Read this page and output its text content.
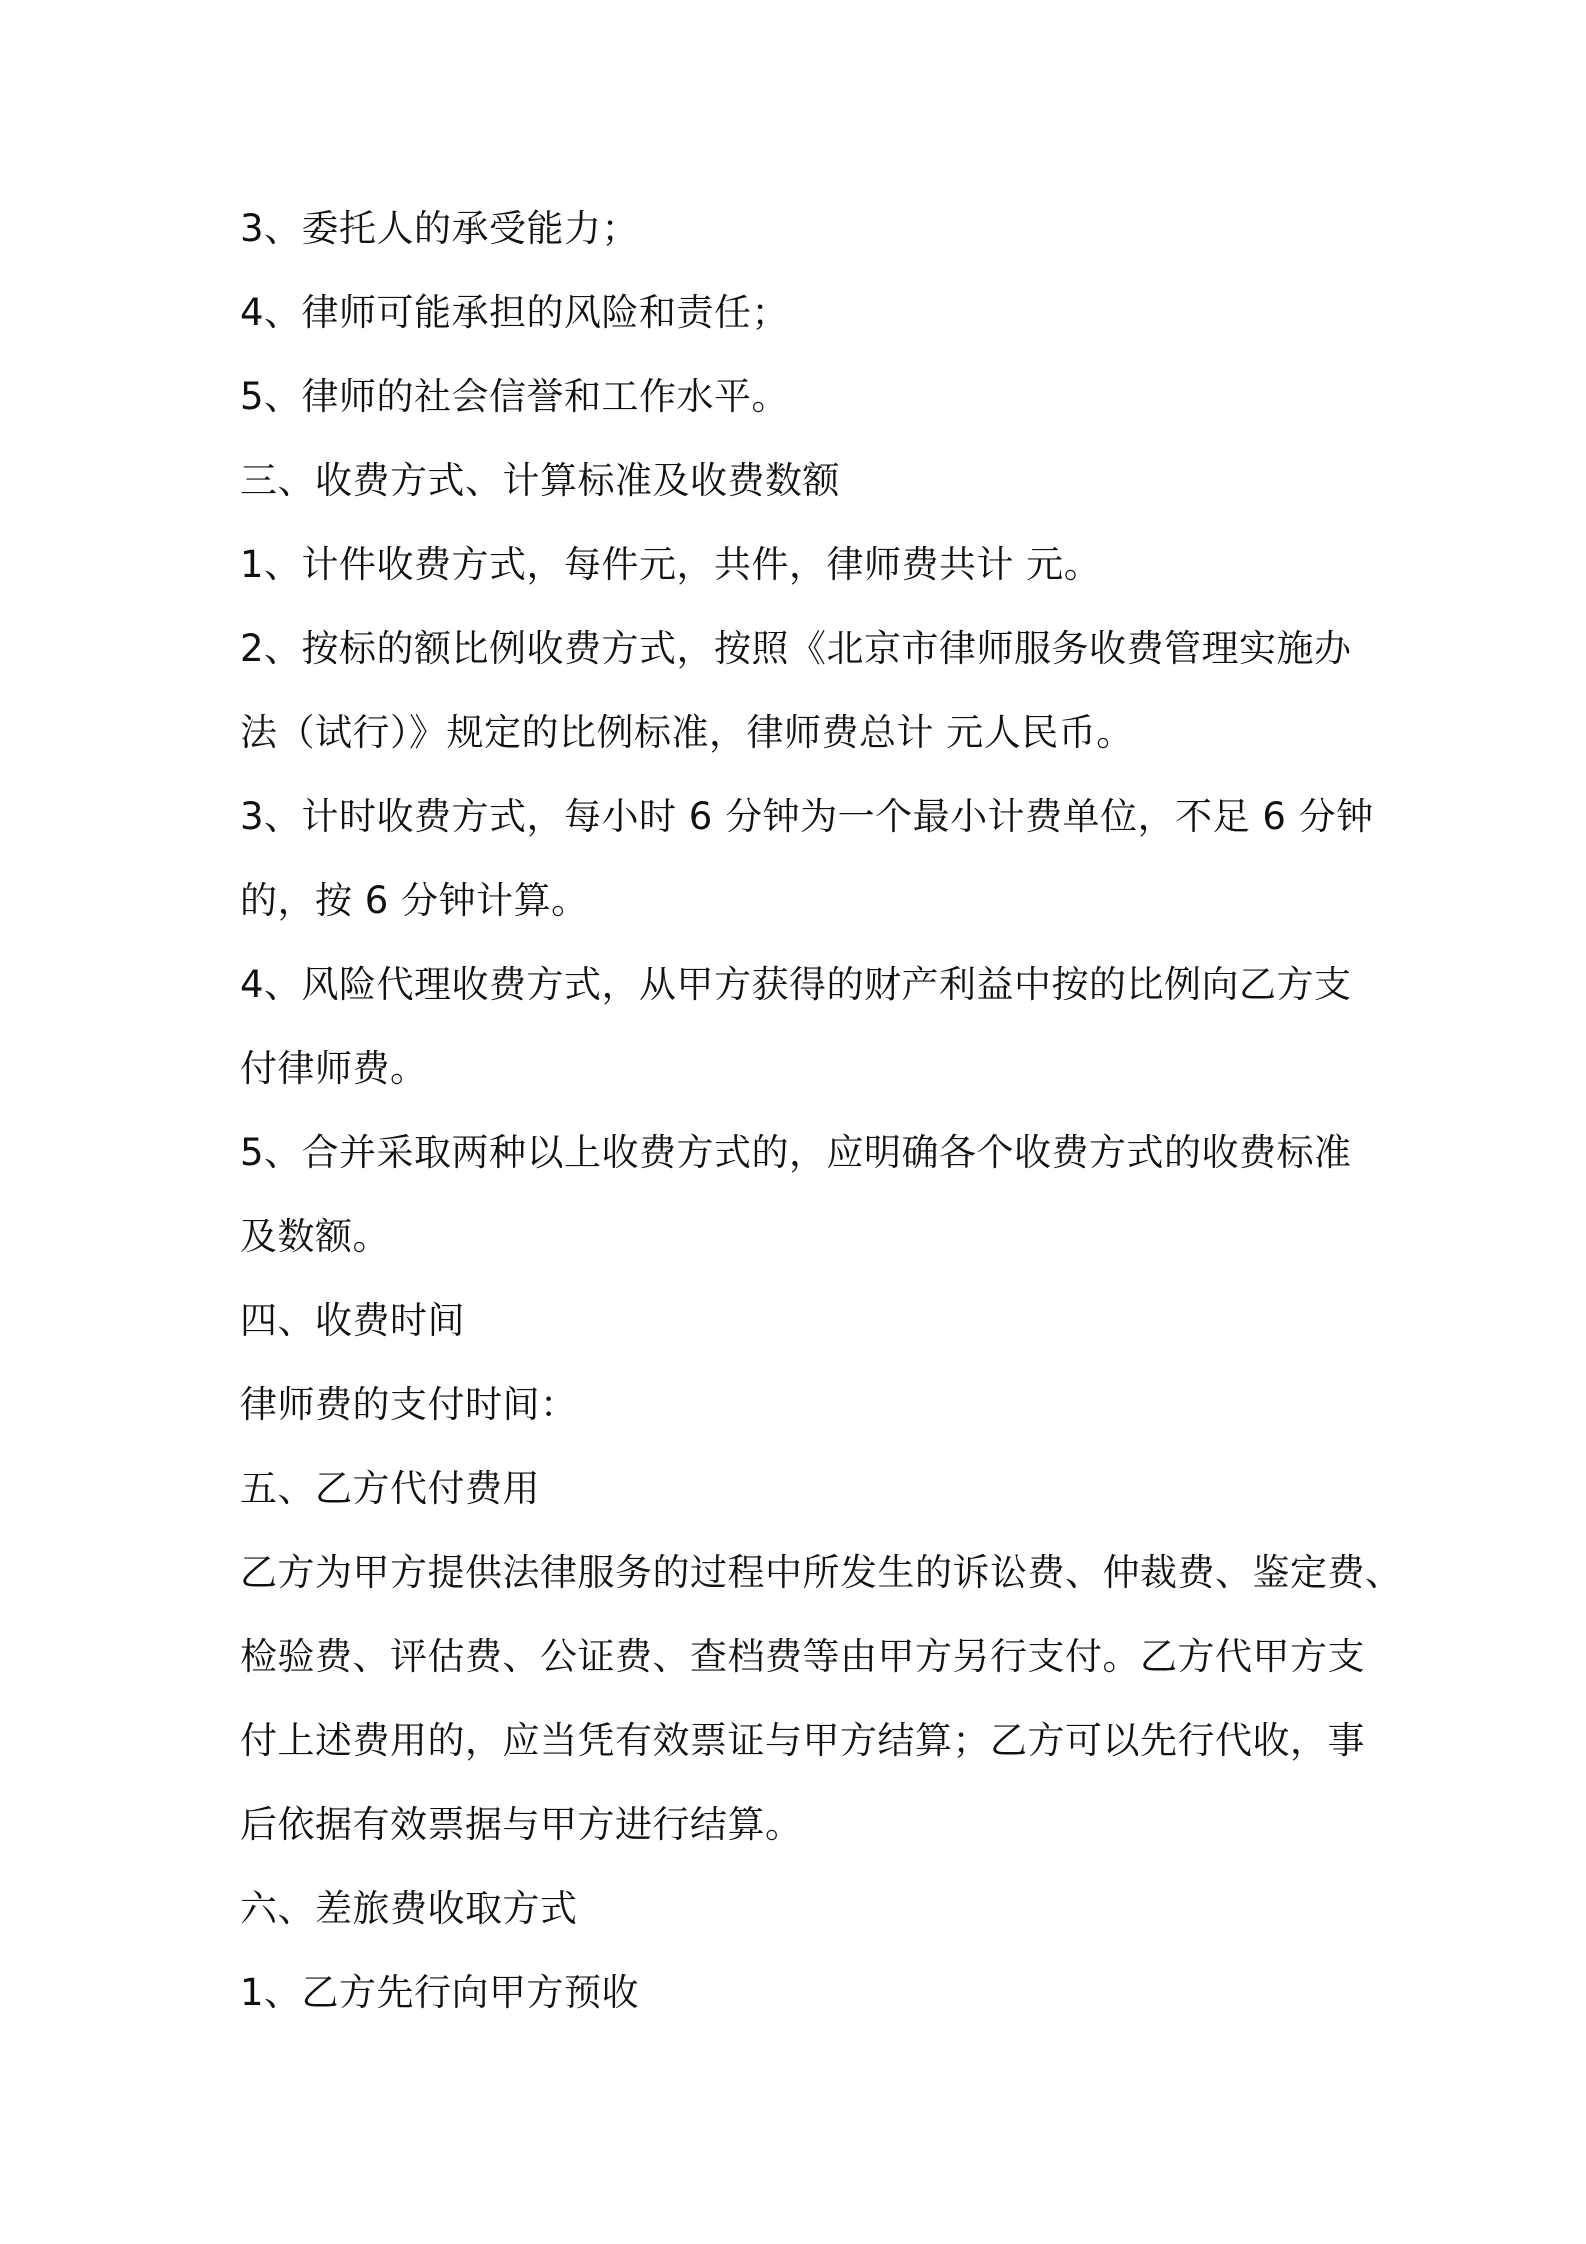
3、委托人的承受能力；
4、律师可能承担的风险和责任；
5、律师的社会信誉和工作水平。
三、收费方式、计算标准及收费数额
1、计件收费方式，每件元，共件，律师费共计 元。
2、按标的额比例收费方式，按照《北京市律师服务收费管理实施办
法（试行）》规定的比例标准，律师费总计 元人民币。
3、计时收费方式，每小时 6 分钟为一个最小计费单位，不足 6 分钟
的，按 6 分钟计算。
4、风险代理收费方式，从甲方获得的财产利益中按的比例向乙方支
付律师费。
5、合并采取两种以上收费方式的，应明确各个收费方式的收费标准
及数额。
四、收费时间
律师费的支付时间：
五、乙方代付费用
乙方为甲方提供法律服务的过程中所发生的诉讼费、仲裁费、鉴定费、
检验费、评估费、公证费、查档费等由甲方另行支付。乙方代甲方支
付上述费用的，应当凭有效票证与甲方结算；乙方可以先行代收，事
后依据有效票据与甲方进行结算。
六、差旅费收取方式
1、乙方先行向甲方预收
